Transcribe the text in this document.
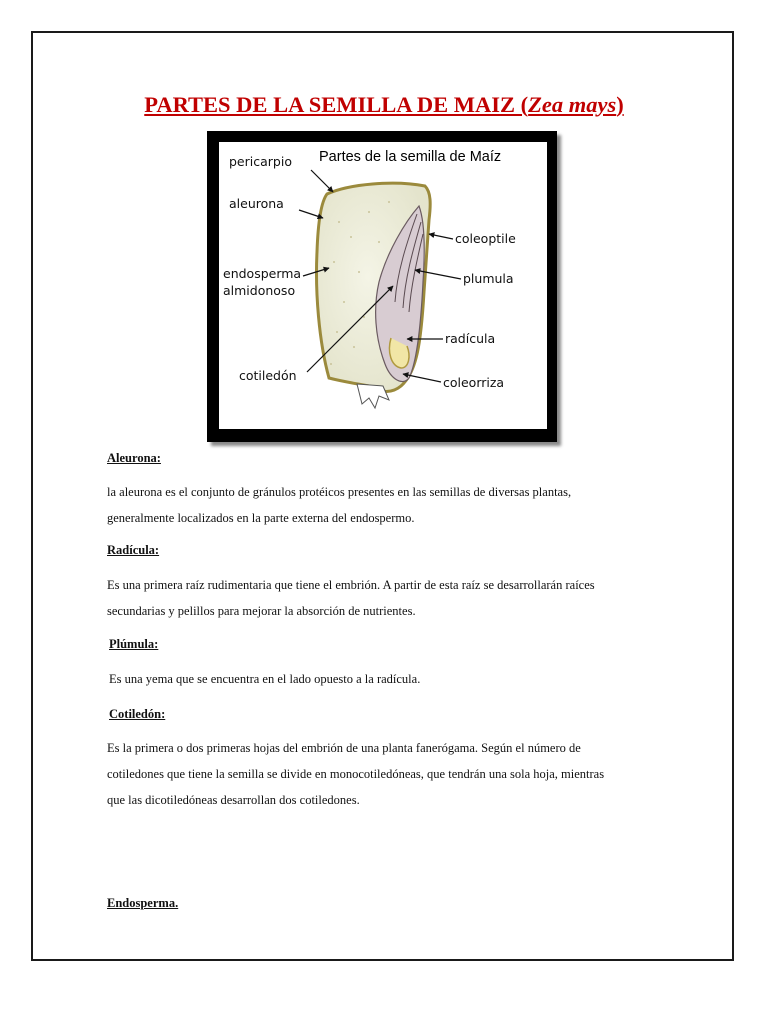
PARTES DE LA SEMILLA DE MAIZ (Zea mays)
Partes de la semilla de Maíz
pericarpio
aleurona
endosperma
almidonoso
coleoptile
plumula
radícula
cotiledón	coleorriza
Aleurona:
la aleurona es el conjunto de gránulos protéicos presentes en las semillas de diversas plantas,
generalmente localizados en la parte externa del endospermo.
Radícula:
Es una primera raíz rudimentaria que tiene el embrión. A partir de esta raíz se desarrollarán raíces
secundarias y pelillos para mejorar la absorción de nutrientes.
Plúmula:
Es una yema que se encuentra en el lado opuesto a la radícula.
Cotiledón:
Es la primera o dos primeras hojas del embrión de una planta fanerógama. Según el número de
cotiledones que tiene la semilla se divide en monocotiledóneas, que tendrán una sola hoja, mientras
que las dicotiledóneas desarrollan dos cotiledones.
Endosperma.
